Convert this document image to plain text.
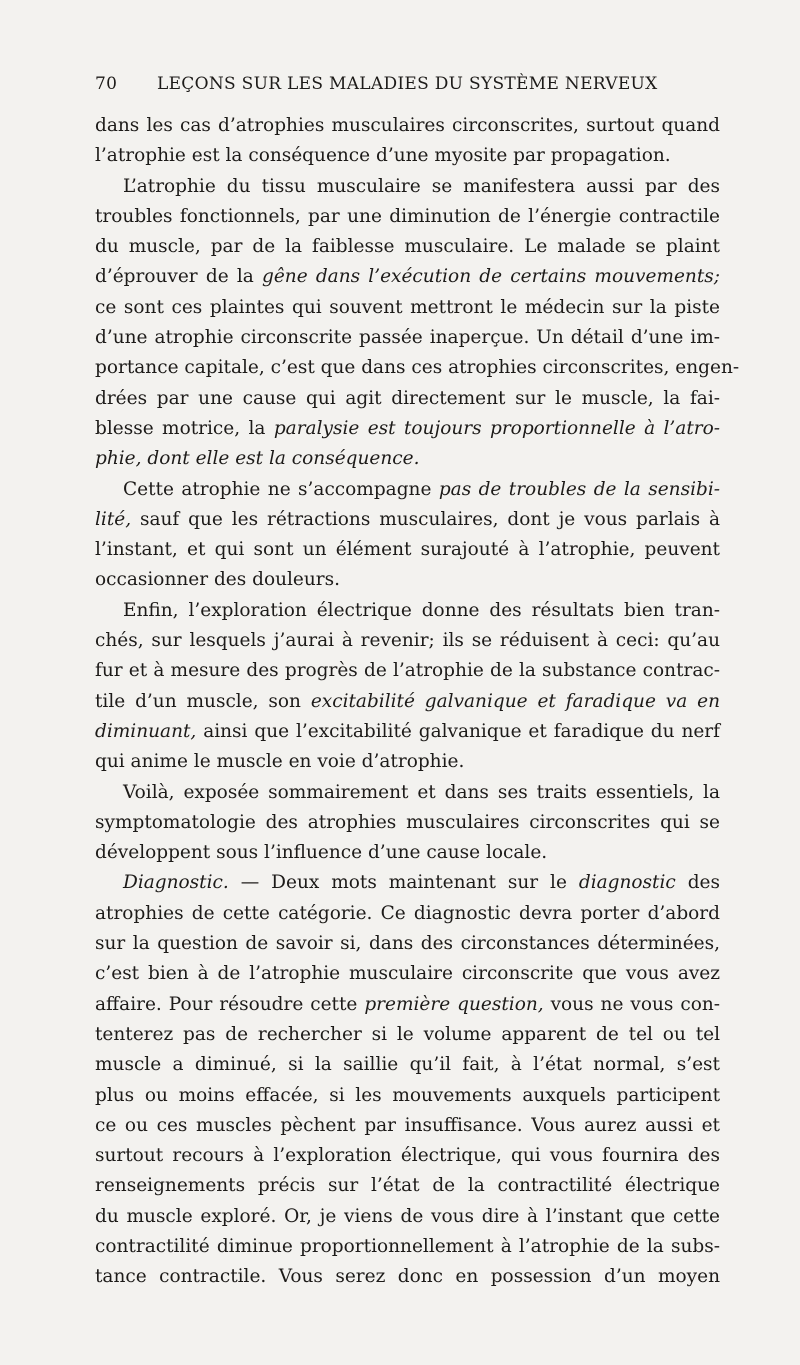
70 LEÇONS SUR LES MALADIES DU SYSTÈME NERVEUX
dans les cas d’atrophies musculaires circonscrites, surtout quand
l’atrophie est la conséquence d’une myosite par propagation.
L’atrophie du tissu musculaire se manifestera aussi par des
troubles fonctionnels, par une diminution de l’énergie contractile
du muscle, par de la faiblesse musculaire. Le malade se plaint
d’éprouver de la gêne dans l’exécution de certains mouvements;
ce sont ces plaintes qui souvent mettront le médecin sur la piste
d’une atrophie circonscrite passée inaperçue. Un détail d’une im-
portance capitale, c’est que dans ces atrophies circonscrites, engen-
drées par une cause qui agit directement sur le muscle, la fai-
blesse motrice, la paralysie est toujours proportionnelle à l’atro-
phie, dont elle est la conséquence.
Cette atrophie ne s’accompagne pas de troubles de la sensibi-
lité, sauf que les rétractions musculaires, dont je vous parlais à
l’instant, et qui sont un élément surajouté à l’atrophie, peuvent
occasionner des douleurs.
Enfin, l’exploration électrique donne des résultats bien tran-
chés, sur lesquels j’aurai à revenir; ils se réduisent à ceci: qu’au
fur et à mesure des progrès de l’atrophie de la substance contrac-
tile d’un muscle, son excitabilité galvanique et faradique va en
diminuant, ainsi que l’excitabilité galvanique et faradique du nerf
qui anime le muscle en voie d’atrophie.
Voilà, exposée sommairement et dans ses traits essentiels, la
symptomatologie des atrophies musculaires circonscrites qui se
développent sous l’influence d’une cause locale.
Diagnostic. — Deux mots maintenant sur le diagnostic des
atrophies de cette catégorie. Ce diagnostic devra porter d’abord
sur la question de savoir si, dans des circonstances déterminées,
c’est bien à de l’atrophie musculaire circonscrite que vous avez
affaire. Pour résoudre cette première question, vous ne vous con-
tenterez pas de rechercher si le volume apparent de tel ou tel
muscle a diminué, si la saillie qu’il fait, à l’état normal, s’est
plus ou moins effacée, si les mouvements auxquels participent
ce ou ces muscles pèchent par insuffisance. Vous aurez aussi et
surtout recours à l’exploration électrique, qui vous fournira des
renseignements précis sur l’état de la contractilité électrique
du muscle exploré. Or, je viens de vous dire à l’instant que cette
contractilité diminue proportionnellement à l’atrophie de la subs-
tance contractile. Vous serez donc en possession d’un moyen
